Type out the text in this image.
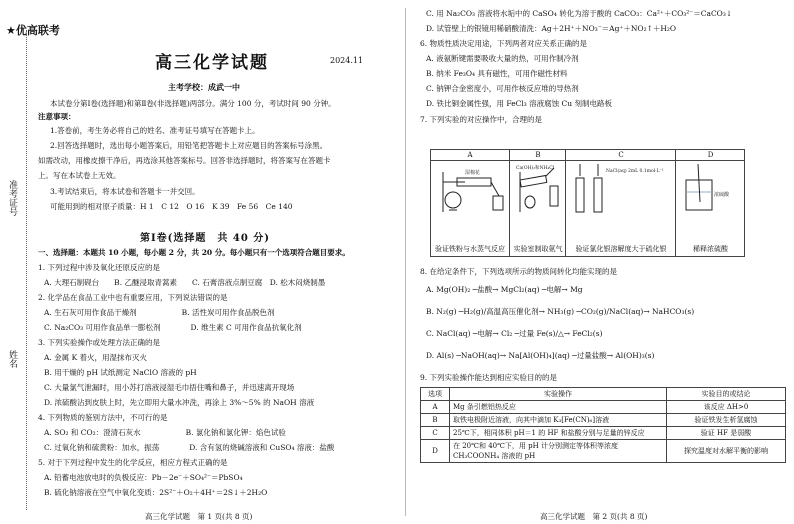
★优高联考
准考证号
姓名
高三化学试题	2024.11
主考学校：成武一中
本试卷分第Ⅰ卷(选择题)和第Ⅱ卷(非选择题)两部分。满分 100 分，考试时间 90 分钟。
注意事项：
1.答卷前，考生务必将自己的姓名、准考证号填写在答题卡上。
2.回答选择题时，选出每小题答案后，用铅笔把答题卡上对应题目的答案标号涂黑。
如需改动，用橡皮擦干净后，再选涂其他答案标号。回答非选择题时，将答案写在答题卡
上。写在本试卷上无效。
3.考试结束后，将本试卷和答题卡一并交回。
可能用到的相对原子质量：H 1　C 12　O 16　K 39　Fe 56　Ce 140
第Ⅰ卷(选择题　共 40 分)
一、选择题：本题共 10 小题，每小题 2 分，共 20 分。每小题只有一个选项符合题目要求。
1. 下列过程中涉及氧化还原反应的是
A. 大理石制砚台　　B. 乙醚浸取青蒿素　　C. 石膏溶液点制豆腐　D. 松木闷烧制墨
2. 化学品在食品工业中也有重要应用，下列说法错误的是
A. 生石灰可用作食品干燥剂　　　　　　B. 活性炭可用作食品脱色剂
C. Na₂CO₃ 可用作食品单一膨松剂　　　　D. 维生素 C 可用作食品抗氧化剂
3. 下列实验操作或处理方法正确的是
A. 金属 K 着火，用湿抹布灭火
B. 用干燥的 pH 试纸测定 NaClO 溶液的 pH
C. 大量氯气泄漏时，用小苏打溶液浸湿毛巾捂住嘴和鼻子，并迅速离开现场
D. 浓硫酸沾到皮肤上时，先立即用大量水冲洗，再涂上 3%～5% 的 NaOH 溶液
4. 下列物质的鉴别方法中，不可行的是
A. SO₂ 和 CO₂：澄清石灰水　　　　　　B. 氯化钠和氯化钾：焰色试验
C. 过氧化钠和硫黄粉：加水，振荡　　　　D. 含有氢的烧碱溶液和 CuSO₄ 溶液：盐酸
5. 对于下列过程中发生的化学反应，相应方程式正确的是
A. 铅蓄电池放电时的负极反应：Pb－2e⁻＋SO₄²⁻＝PbSO₄
B. 硫化钠溶液在空气中氧化变质：2S²⁻＋O₂＋4H⁺＝2S↓＋2H₂O
高三化学试题　第 1 页(共 8 页)
C. 用 Na₂CO₃ 溶液将水垢中的 CaSO₄ 转化为溶于酸的 CaCO₃：Ca²⁺＋CO₃²⁻＝CaCO₃↓
D. 试管壁上的银镜用稀硝酸清洗：Ag＋2H⁺＋NO₃⁻＝Ag⁺＋NO₂↑＋H₂O
6. 物质性质决定用途，下列两者对应关系正确的是
A. 液氨断键需要吸收大量的热，可用作制冷剂
B. 纳米 Fe₃O₄ 具有磁性，可用作磁性材料
C. 钠钾合金密度小，可用作核反应堆的导热剂
D. 铁比铜金属性强，用 FeCl₃ 溶液腐蚀 Cu 刻制电路板
7. 下列实验的对应操作中，合理的是
A
湿棉花
验证铁粉与水蒸气反应
B
Ca(OH)₂和NH₄Cl
实验室制取氨气
C
NaCl(aq) 2mL 0.1mol·L⁻¹
验证氯化银溶解度大于硫化银
D
浓硫酸
稀释浓硫酸
8. 在给定条件下，下列选项所示的物质间转化均能实现的是
A. Mg(OH)₂ ─盐酸→ MgCl₂(aq) ─电解→ Mg
B. N₂(g) ─H₂(g)/高温高压催化剂→ NH₃(g) ─CO₂(g)/NaCl(aq)→ NaHCO₃(s)
C. NaCl(aq) ─电解→ Cl₂ ─过量 Fe(s)/△→ FeCl₂(s)
D. Al(s) ─NaOH(aq)→ Na[Al(OH)₄](aq) ─过量盐酸→ Al(OH)₃(s)
9. 下列实验操作能达到相应实验目的的是
选项	实验操作	实验目的或结论
A	Mg 条引燃铝热反应	该反应 ΔH>0
B	取铁电极附近溶液，向其中滴加 K₃[Fe(CN)₆]溶液	验证铁发生析氢腐蚀
C	25℃下，相同体积 pH＝1 的 HF 和盐酸分别与足量的锌反应	验证 HF 是弱酸
D	在 20℃和 40℃下，用 pH 计分别测定等体积等浓度 CH₃COONH₄ 溶液的 pH	探究温度对水解平衡的影响
高三化学试题　第 2 页(共 8 页)
